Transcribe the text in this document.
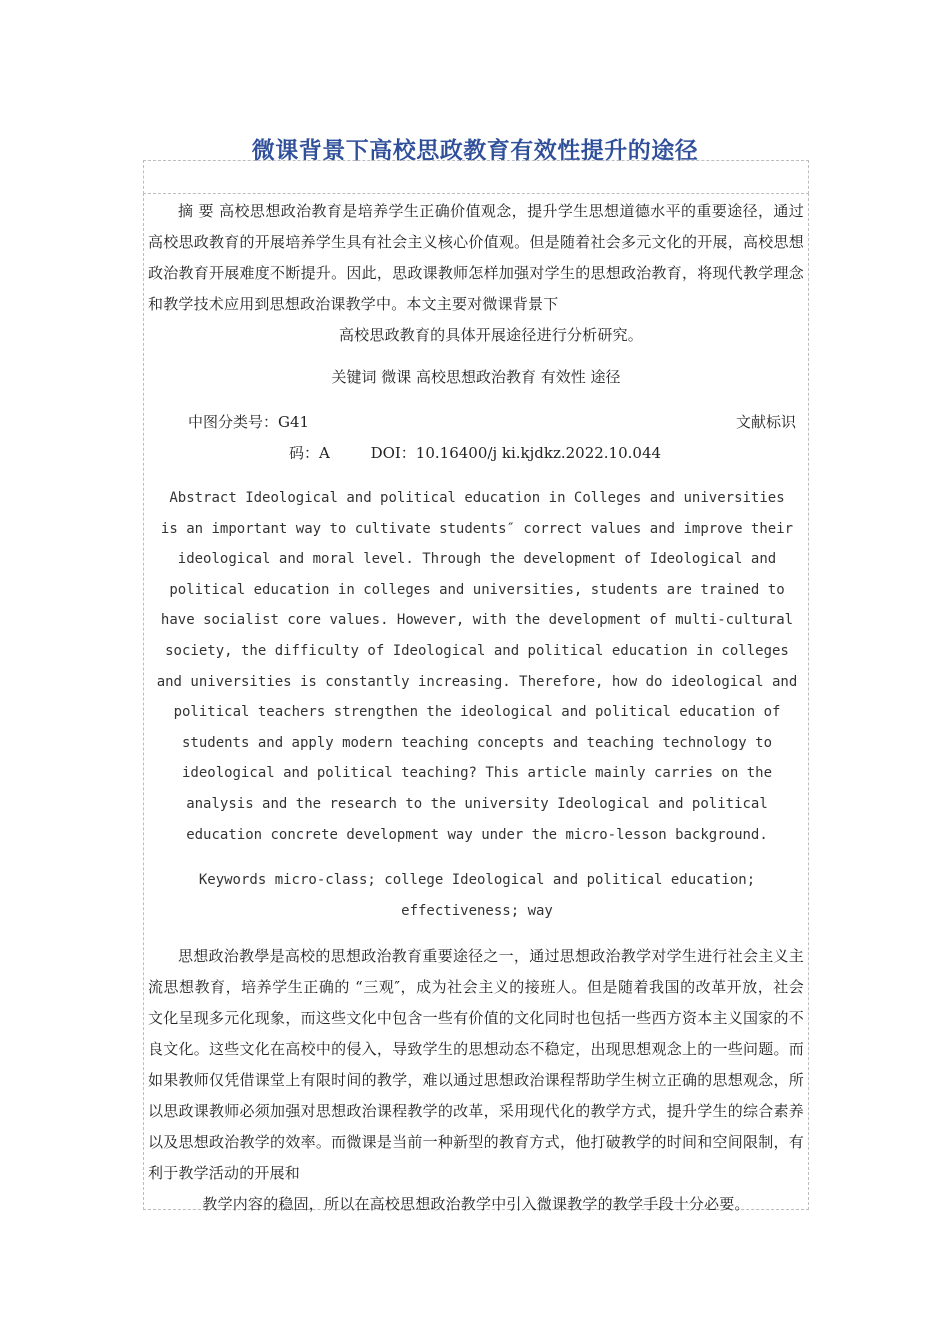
微课背景下高校思政教育有效性提升的途径
摘 要 高校思想政治教育是培养学生正确价值观念，提升学生思想道德水平的重要途径，通过高校思政教育的开展培养学生具有社会主义核心价值观。但是随着社会多元文化的开展，高校思想政治教育开展难度不断提升。因此，思政课教师怎样加强对学生的思想政治教育，将现代教学理念和教学技术应用到思想政治课教学中。本文主要对微课背景下
高校思政教育的具体开展途径进行分析研究。
关键词 微课 高校思想政治教育 有效性 途径
中图分类号：G41	文献标识
码：A	DOI：10.16400/j ki.kjdkz.2022.10.044
Abstract Ideological and political education in Colleges and universities
is an important way to cultivate students″ correct values and improve their
ideological and moral level. Through the development of Ideological and
political education in colleges and universities, students are trained to
have socialist core values. However, with the development of multi-cultural
society, the difficulty of Ideological and political education in colleges
and universities is constantly increasing. Therefore, how do ideological and
political teachers strengthen the ideological and political education of
students and apply modern teaching concepts and teaching technology to
ideological and political teaching? This article mainly carries on the
analysis and the research to the university Ideological and political
education concrete development way under the micro-lesson background.
Keywords micro-class; college Ideological and political education;
effectiveness; way
思想政治教學是高校的思想政治教育重要途径之一，通过思想政治教学对学生进行社会主义主流思想教育，培养学生正确的 “三观″，成为社会主义的接班人。但是随着我国的改革开放，社会文化呈现多元化现象，而这些文化中包含一些有价值的文化同时也包括一些西方资本主义国家的不良文化。这些文化在高校中的侵入，导致学生的思想动态不稳定，出现思想观念上的一些问题。而如果教师仅凭借课堂上有限时间的教学，难以通过思想政治课程帮助学生树立正确的思想观念，所以思政课教师必须加强对思想政治课程教学的改革，采用现代化的教学方式，提升学生的综合素养以及思想政治教学的效率。而微课是当前一种新型的教育方式，他打破教学的时间和空间限制，有利于教学活动的开展和
教学内容的稳固，所以在高校思想政治教学中引入微课教学的教学手段十分必要。
